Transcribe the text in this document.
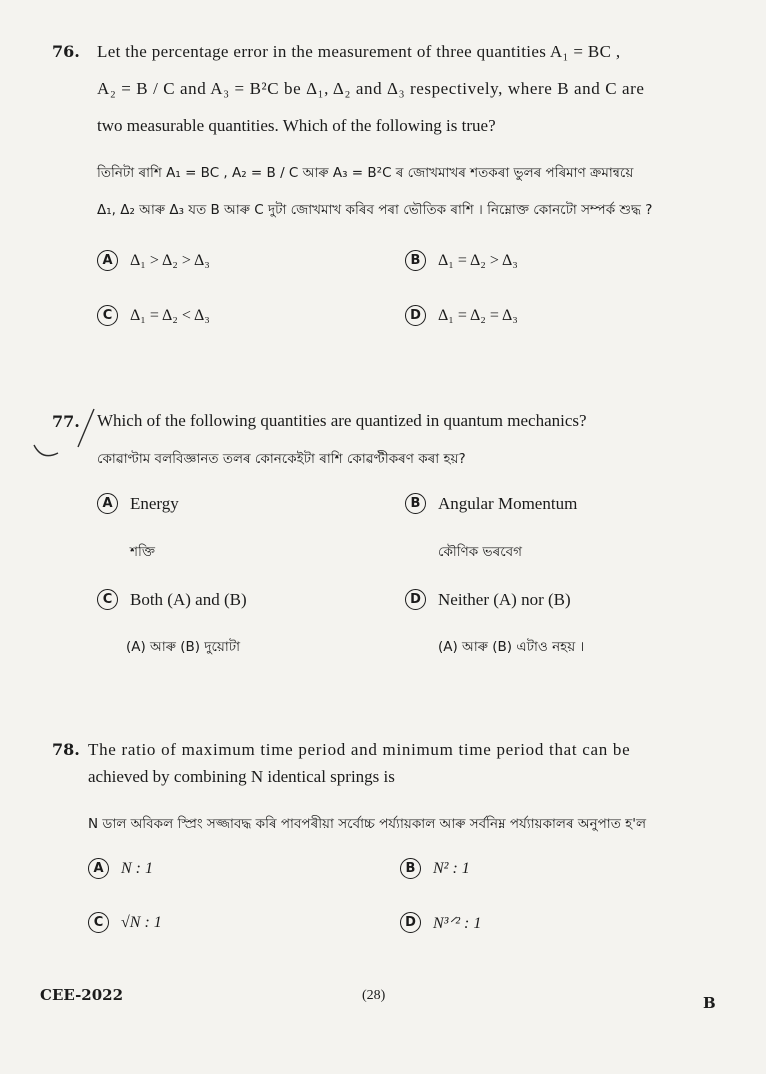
76. Let the percentage error in the measurement of three quantities A₁ = BC ,
A₂ = B / C and A₃ = B²C be Δ₁, Δ₂ and Δ₃ respectively, where B and C are
two measurable quantities. Which of the following is true?
তিনিটা ৰাশি A₁ = BC , A₂ = B / C আৰু A₃ = B²C ৰ জোখমাখৰ শতকৰা ভুলৰ পৰিমাণ ক্ৰমান্বয়ে
Δ₁, Δ₂ আৰু Δ₃ যত B আৰু C দুটা জোখমাখ কৰিব পৰা ভৌতিক ৰাশি । নিম্নোক্ত কোনটো সম্পৰ্ক শুদ্ধ ?
A Δ₁ > Δ₂ > Δ₃	B Δ₁ = Δ₂ > Δ₃
C Δ₁ = Δ₂ < Δ₃	D Δ₁ = Δ₂ = Δ₃
77. Which of the following quantities are quantized in quantum mechanics?
কোৱাণ্টাম বলবিজ্ঞানত তলৰ কোনকেইটা ৰাশি কোৱণ্টীকৰণ কৰা হয়?
A Energy
শক্তি
B Angular Momentum
কৌণিক ভৰবেগ
C Both (A) and (B)
(A) আৰু (B) দুয়োটা
D Neither (A) nor (B)
(A) আৰু (B) এটাও নহয় ।
78. The ratio of maximum time period and minimum time period that can be
achieved by combining N identical springs is
N ডাল অবিকল স্প্ৰিং সজ্জাবদ্ধ কৰি পাবপৰীয়া সৰ্বোচ্চ পৰ্য্যায়কাল আৰু সৰ্বনিম্ন পৰ্য্যায়কালৰ অনুপাত হ'ল
A N : 1	B N² : 1
C √N : 1	D N³ᐟ² : 1
CEE-2022	(28)	B
